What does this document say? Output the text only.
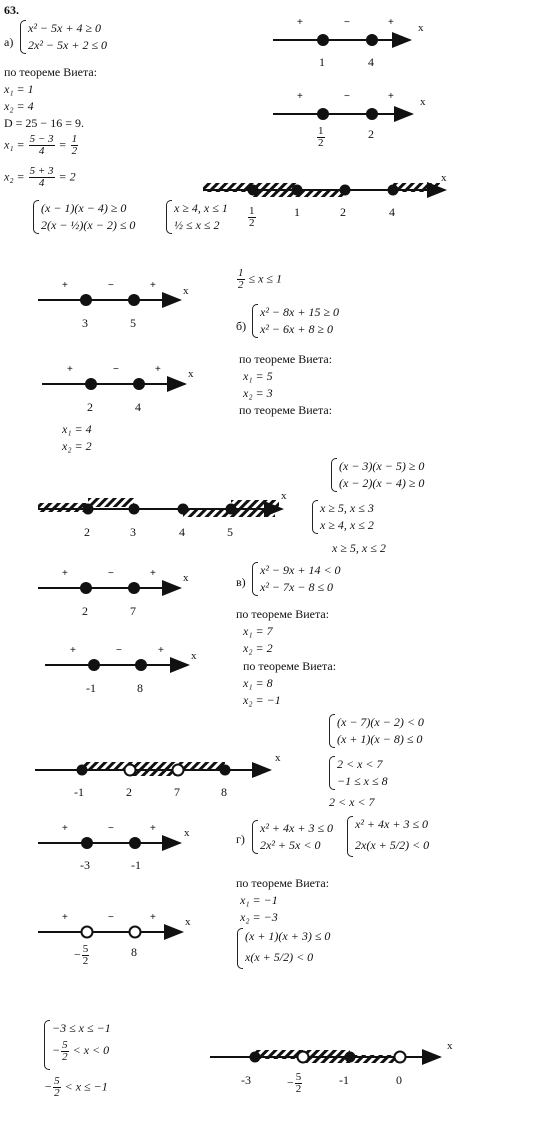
+	−	+ x
1	4
+	−	+ x
$\frac{1}{2}$	2
x
$\frac{1}{2}$	1	2	4
+	−	+ x
3	5
+	−	+ x
2	4
x
2	3	4	5
+	−	+ x
2	7
+	−	+ x
-1	8
x
-1	2	7	8
+	−	+	x
-3	-1
+	−	+	x
− $\frac{5}{2}$	8
x
-3	− $\frac{5}{2}$	-1	0
63.
а)
x² − 5x + 4 ≥ 0
2x² − 5x + 2 ≤ 0
по теореме Виета:
x₁ = 1
x₂ = 4
D = 25 − 16 = 9.
$x_1 = \frac{5 - 3}{4} = \frac{1}{2}$
$x_2 = \frac{5 + 3}{4} = 2$
(x − 1)(x − 4) ≥ 0
2(x − ½)(x − 2) ≤ 0
x ≥ 4, x ≤ 1
½ ≤ x ≤ 2
$\frac{1}{2} \le x \le 1$
б)
x² − 8x + 15 ≥ 0
x² − 6x + 8 ≥ 0
по теореме Виета:
x₁ = 5
x₂ = 3
по теореме Виета:
x₁ = 4
x₂ = 2
(x − 3)(x − 5) ≥ 0
(x − 2)(x − 4) ≥ 0
x ≥ 5, x ≤ 3
x ≥ 4, x ≤ 2
x ≥ 5, x ≤ 2
в)
x² − 9x + 14 < 0
x² − 7x − 8 ≤ 0
по теореме Виета:
x₁ = 7
x₂ = 2
по теореме Виета:
x₁ = 8
x₂ = −1
(x − 7)(x − 2) < 0
(x + 1)(x − 8) ≤ 0
2 < x < 7
−1 ≤ x ≤ 8
2 < x < 7
г)
x² + 4x + 3 ≤ 0
2x² + 5x < 0
x² + 4x + 3 ≤ 0
2x(x + 5/2) < 0
по теореме Виета:
x₁ = −1
x₂ = −3
(x + 1)(x + 3) ≤ 0
x(x + 5/2) < 0
−3 ≤ x ≤ −1
− $\frac{5}{2} < x < 0$
− $\frac{5}{2} < x \le -1$
